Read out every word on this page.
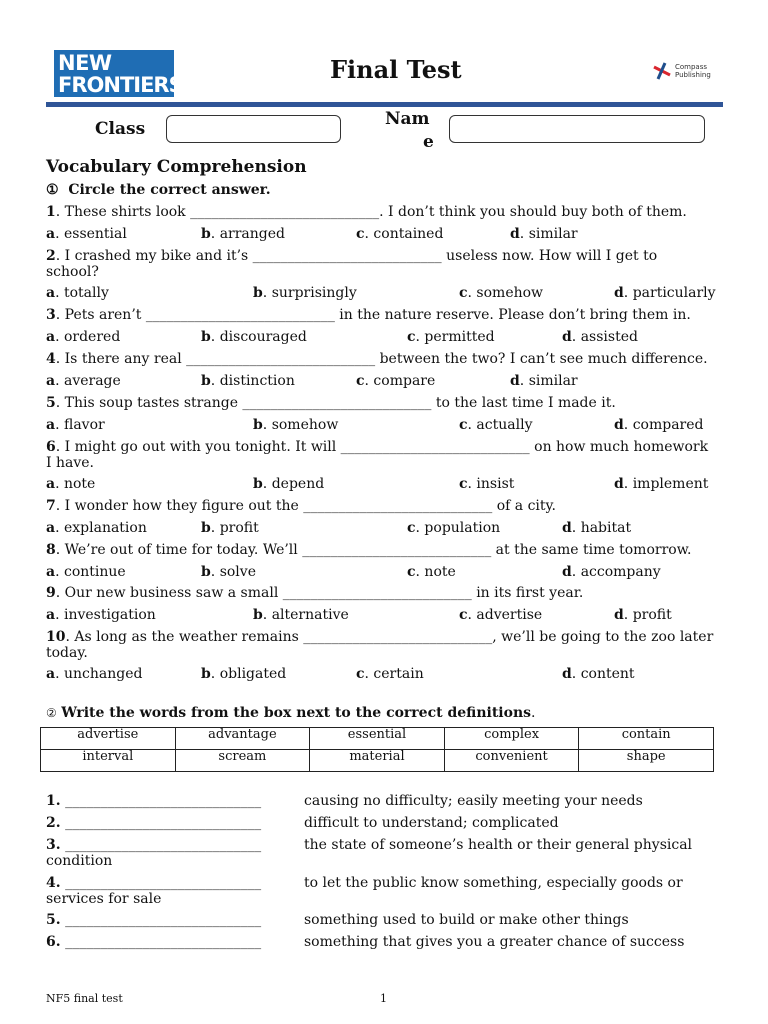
NEW
FRONTIERS
Final Test	Compass
Publishing
Class	Nam
e
Vocabulary Comprehension
① Circle the correct answer.
1. These shirts look ___________________________. I don’t think you should buy both of them.
a. essential	b. arranged	c. contained	d. similar
2. I crashed my bike and it’s ___________________________ useless now. How will I get to school?
a. totally	b. surprisingly	c. somehow	d. particularly
3. Pets aren’t ___________________________ in the nature reserve. Please don’t bring them in.
a. ordered	b. discouraged	c. permitted	d. assisted
4. Is there any real ___________________________ between the two? I can’t see much difference.
a. average	b. distinction	c. compare	d. similar
5. This soup tastes strange ___________________________ to the last time I made it.
a. flavor	b. somehow	c. actually	d. compared
6. I might go out with you tonight. It will ___________________________ on how much homework I have.
a. note	b. depend	c. insist	d. implement
7. I wonder how they figure out the ___________________________ of a city.
a. explanation	b. profit	c. population	d. habitat
8. We’re out of time for today. We’ll ___________________________ at the same time tomorrow.
a. continue	b. solve	c. note	d. accompany
9. Our new business saw a small ___________________________ in its first year.
a. investigation	b. alternative	c. advertise	d. profit
10. As long as the weather remains ___________________________, we’ll be going to the zoo later today.
a. unchanged	b. obligated	c. certain	d. content
② Write the words from the box next to the correct definitions.
advertise	advantage	essential	complex	contain
interval	scream	material	convenient	shape
1. ____________________________	causing no difficulty; easily meeting your needs
2. ____________________________	difficult to understand; complicated
3. ____________________________	the state of someone’s health or their general physical
condition
4. ____________________________	to let the public know something, especially goods or
services for sale
5. ____________________________	something used to build or make other things
6. ____________________________	something that gives you a greater chance of success
NF5 final test	1
